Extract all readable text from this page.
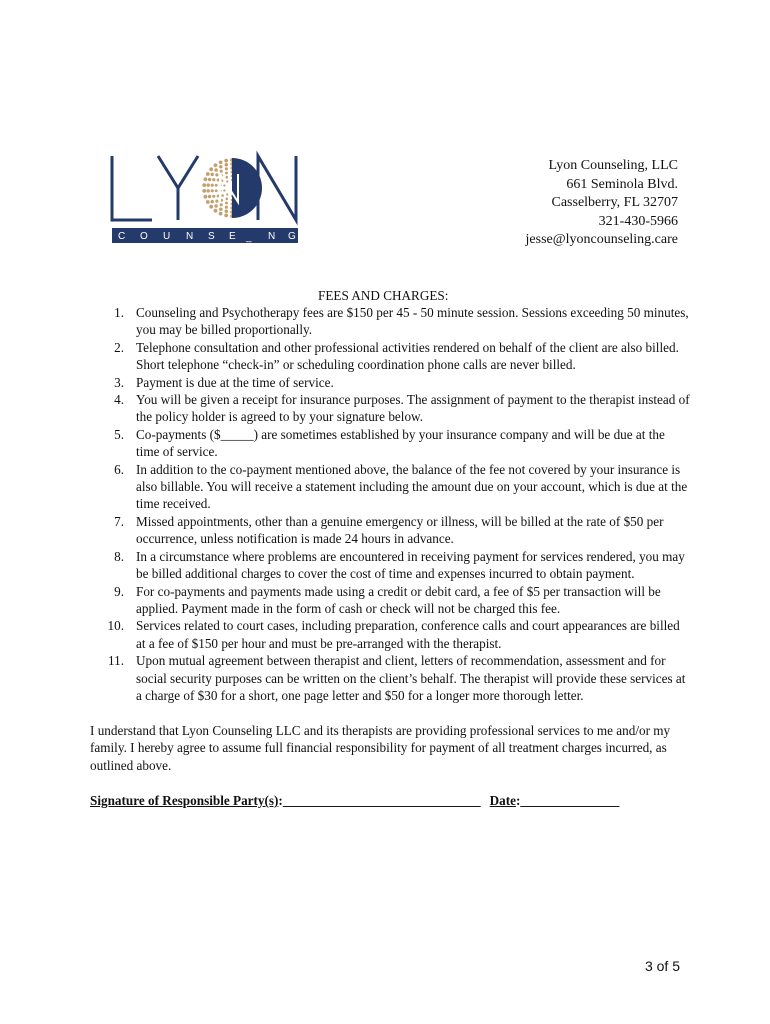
C O U N S E _ N G
Lyon Counseling, LLC
661 Seminola Blvd.
Casselberry, FL 32707
321-430-5966
jesse@lyoncounseling.care
FEES AND CHARGES:
1. Counseling and Psychotherapy fees are $150 per 45 - 50 minute session. Sessions exceeding 50 minutes, you may be billed proportionally.
2. Telephone consultation and other professional activities rendered on behalf of the client are also billed. Short telephone “check-in” or scheduling coordination phone calls are never billed.
3. Payment is due at the time of service.
4. You will be given a receipt for insurance purposes. The assignment of payment to the therapist instead of the policy holder is agreed to by your signature below.
5. Co-payments ($_____) are sometimes established by your insurance company and will be due at the time of service.
6. In addition to the co-payment mentioned above, the balance of the fee not covered by your insurance is also billable. You will receive a statement including the amount due on your account, which is due at the time received.
7. Missed appointments, other than a genuine emergency or illness, will be billed at the rate of $50 per occurrence, unless notification is made 24 hours in advance.
8. In a circumstance where problems are encountered in receiving payment for services rendered, you may be billed additional charges to cover the cost of time and expenses incurred to obtain payment.
9. For co-payments and payments made using a credit or debit card, a fee of $5 per transaction will be applied. Payment made in the form of cash or check will not be charged this fee.
10. Services related to court cases, including preparation, conference calls and court appearances are billed at a fee of $150 per hour and must be pre-arranged with the therapist.
11. Upon mutual agreement between therapist and client, letters of recommendation, assessment and for social security purposes can be written on the client’s behalf. The therapist will provide these services at a charge of $30 for a short, one page letter and $50 for a longer more thorough letter.
I understand that Lyon Counseling LLC and its therapists are providing professional services to me and/or my family. I hereby agree to assume full financial responsibility for payment of all treatment charges incurred, as outlined above.
Signature of Responsible Party(s):______________________________ Date:_______________
3 of 5
